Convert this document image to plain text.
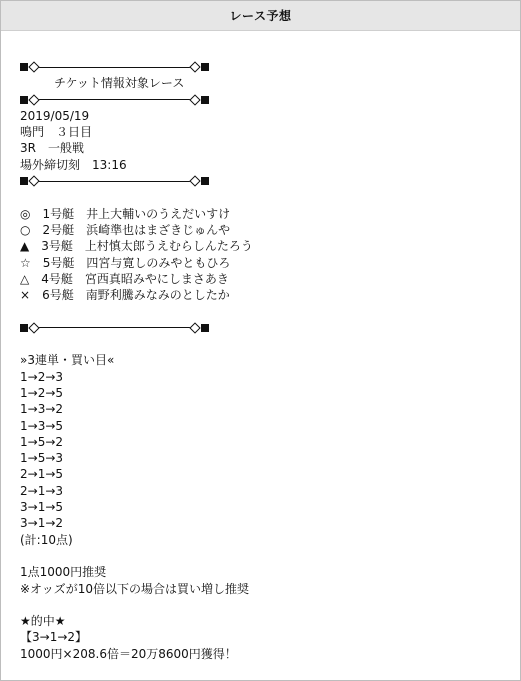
レース予想
チケット情報対象レース
2019/05/19
鳴門　３日目
3R　一般戦
場外締切刻　13:16
◎　1号艇　井上大輔いのうえだいすけ
○　2号艇　浜崎準也はまざきじゅんや
▲　3号艇　上村慎太郎うえむらしんたろう
☆　5号艇　四宮与寛しのみやともひろ
△　4号艇　宮西真昭みやにしまさあき
×　6号艇　南野利騰みなみのとしたか
»3連単・買い目«
1→2→3
1→2→5
1→3→2
1→3→5
1→5→2
1→5→3
2→1→5
2→1→3
3→1→5
3→1→2
(計:10点)
1点1000円推奨
※オッズが10倍以下の場合は買い増し推奨
★的中★
【3→1→2】
1000円×208.6倍＝20万8600円獲得！
